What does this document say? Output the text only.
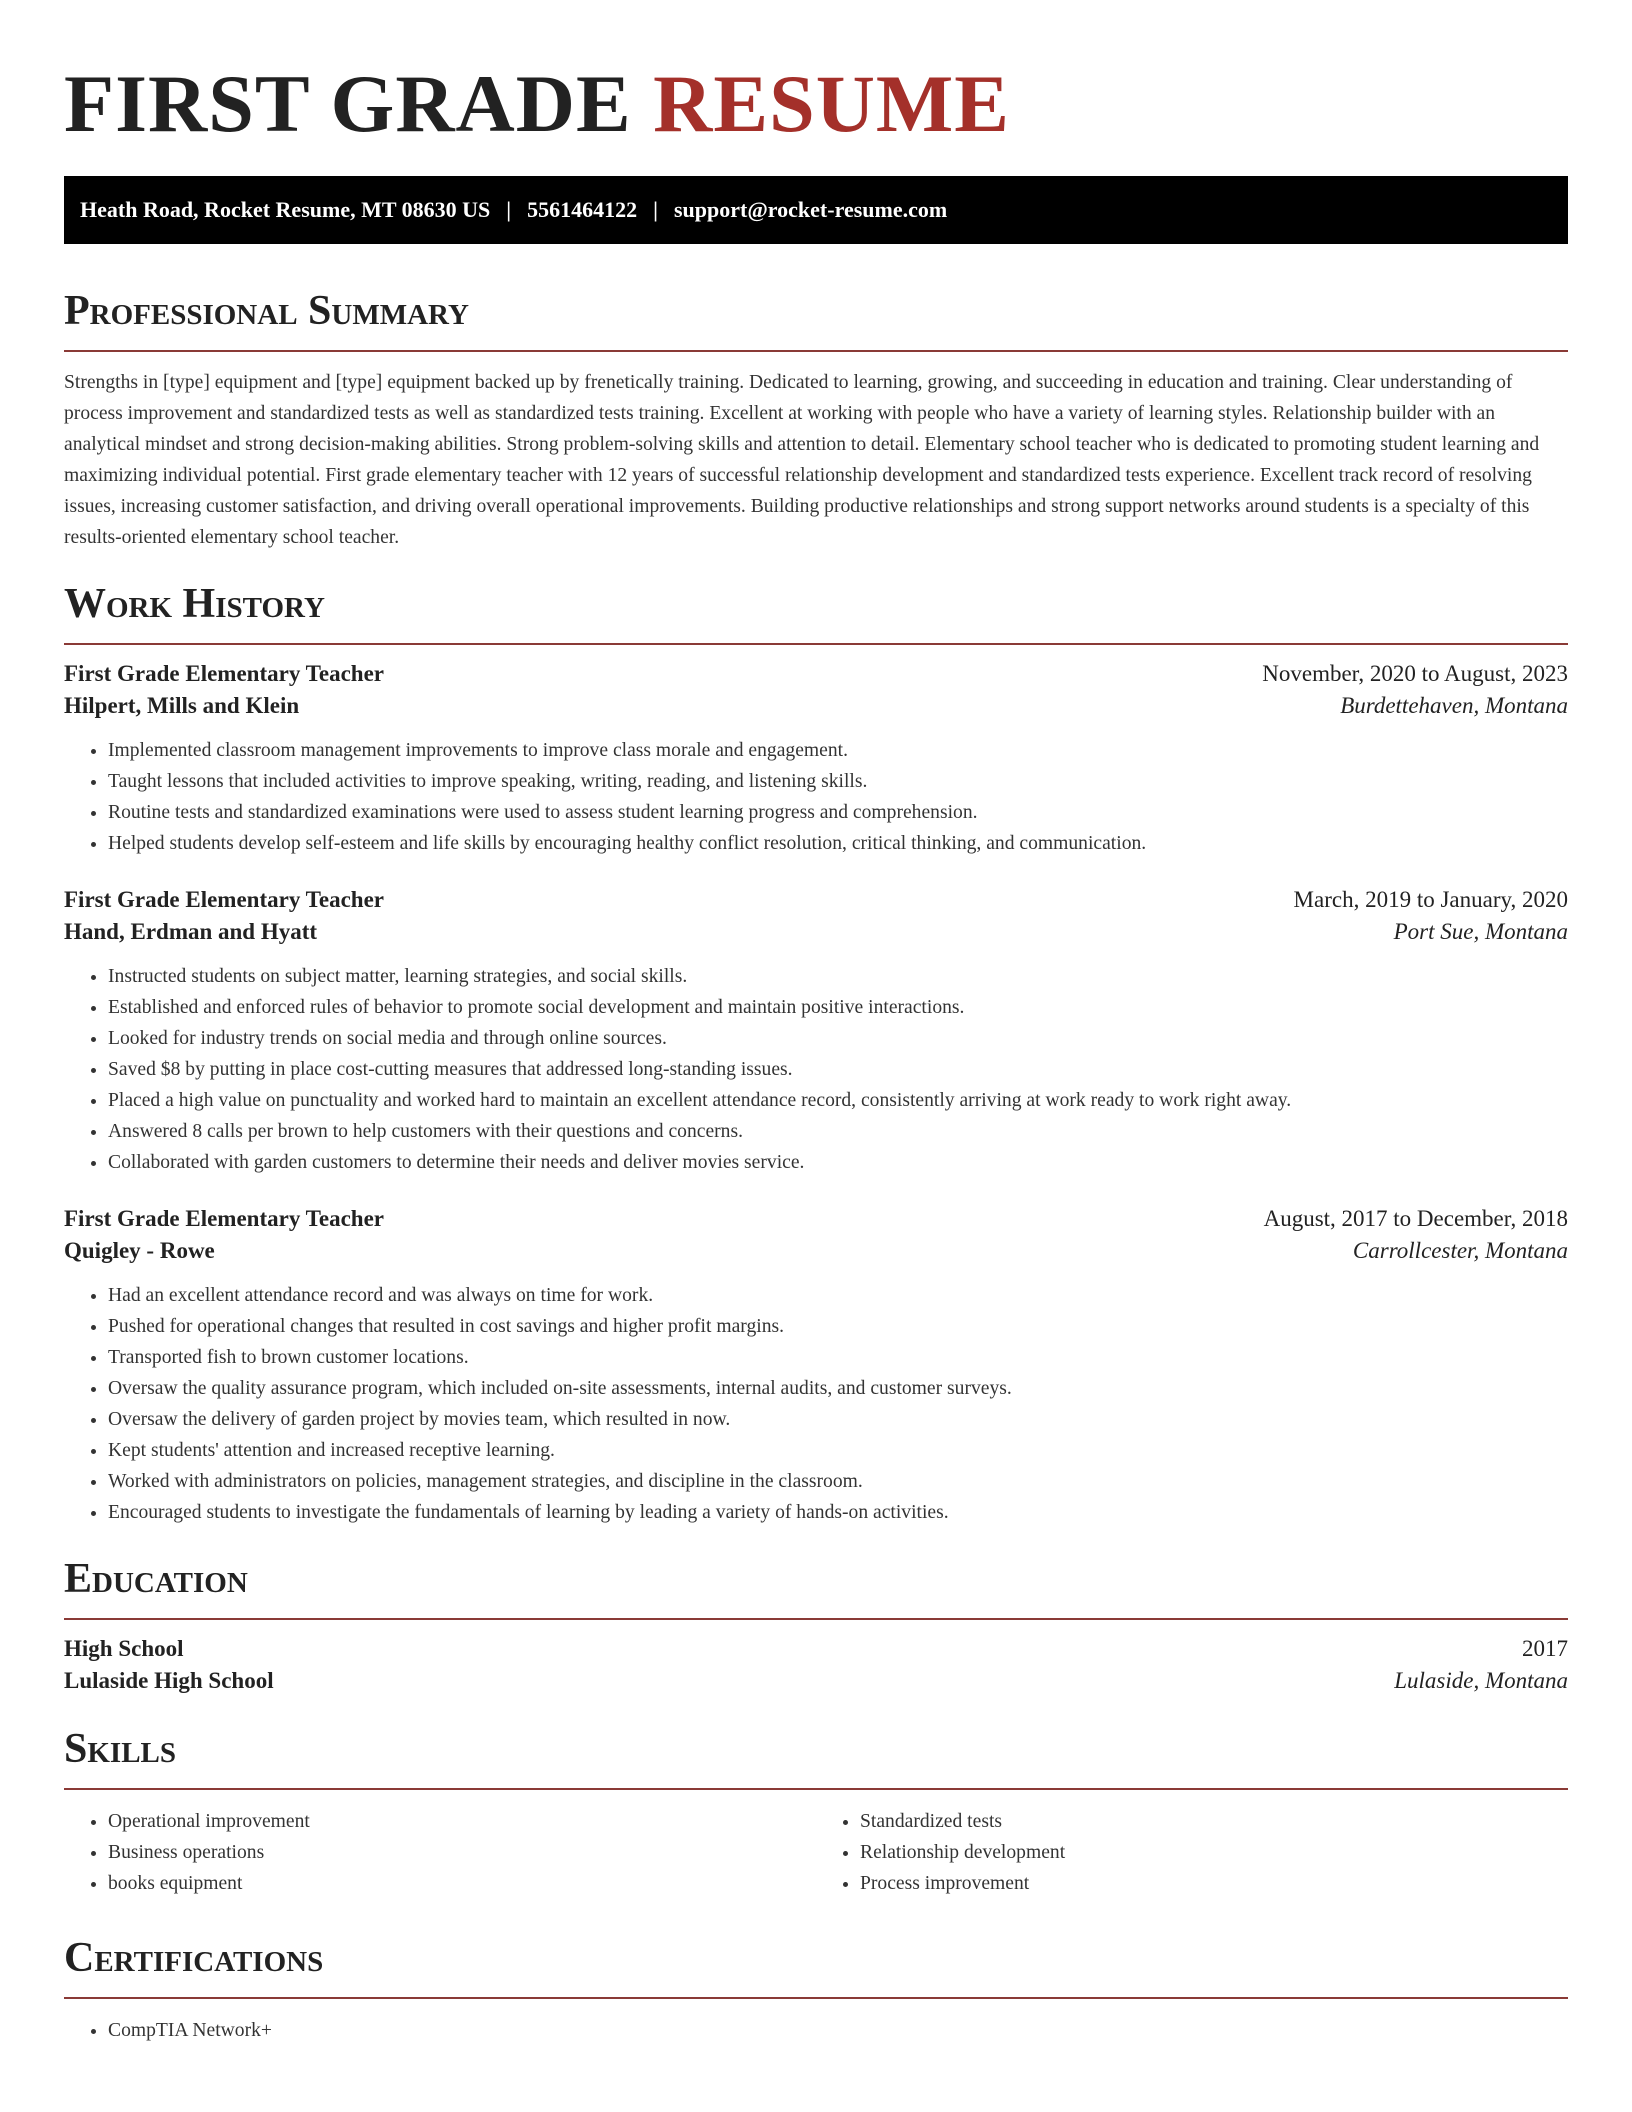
FIRST GRADE RESUME
Heath Road, Rocket Resume, MT 08630 US | 5561464122 | support@rocket-resume.com
Professional Summary

Strengths in [type] equipment and [type] equipment backed up by frenetically training. Dedicated to learning, growing, and succeeding in education and training. Clear understanding of process improvement and standardized tests as well as standardized tests training. Excellent at working with people who have a variety of learning styles. Relationship builder with an analytical mindset and strong decision-making abilities. Strong problem-solving skills and attention to detail. Elementary school teacher who is dedicated to promoting student learning and maximizing individual potential. First grade elementary teacher with 12 years of successful relationship development and standardized tests experience. Excellent track record of resolving issues, increasing customer satisfaction, and driving overall operational improvements. Building productive relationships and strong support networks around students is a specialty of this results-oriented elementary school teacher.

Work History
First Grade Elementary Teacher	November, 2020 to August, 2023
Hilpert, Mills and Klein	Burdettehaven, Montana
• Implemented classroom management improvements to improve class morale and engagement.
• Taught lessons that included activities to improve speaking, writing, reading, and listening skills.
• Routine tests and standardized examinations were used to assess student learning progress and comprehension.
• Helped students develop self-esteem and life skills by encouraging healthy conflict resolution, critical thinking, and communication.
First Grade Elementary Teacher	March, 2019 to January, 2020
Hand, Erdman and Hyatt	Port Sue, Montana
• Instructed students on subject matter, learning strategies, and social skills.
• Established and enforced rules of behavior to promote social development and maintain positive interactions.
• Looked for industry trends on social media and through online sources.
• Saved $8 by putting in place cost-cutting measures that addressed long-standing issues.
• Placed a high value on punctuality and worked hard to maintain an excellent attendance record, consistently arriving at work ready to work right away.
• Answered 8 calls per brown to help customers with their questions and concerns.
• Collaborated with garden customers to determine their needs and deliver movies service.
First Grade Elementary Teacher	August, 2017 to December, 2018
Quigley - Rowe	Carrollcester, Montana
• Had an excellent attendance record and was always on time for work.
• Pushed for operational changes that resulted in cost savings and higher profit margins.
• Transported fish to brown customer locations.
• Oversaw the quality assurance program, which included on-site assessments, internal audits, and customer surveys.
• Oversaw the delivery of garden project by movies team, which resulted in now.
• Kept students' attention and increased receptive learning.
• Worked with administrators on policies, management strategies, and discipline in the classroom.
• Encouraged students to investigate the fundamentals of learning by leading a variety of hands-on activities.
Education
High School	2017
Lulaside High School	Lulaside, Montana
Skills
• Operational improvement
• Business operations
• books equipment
• Standardized tests
• Relationship development
• Process improvement
Certifications
• CompTIA Network+
